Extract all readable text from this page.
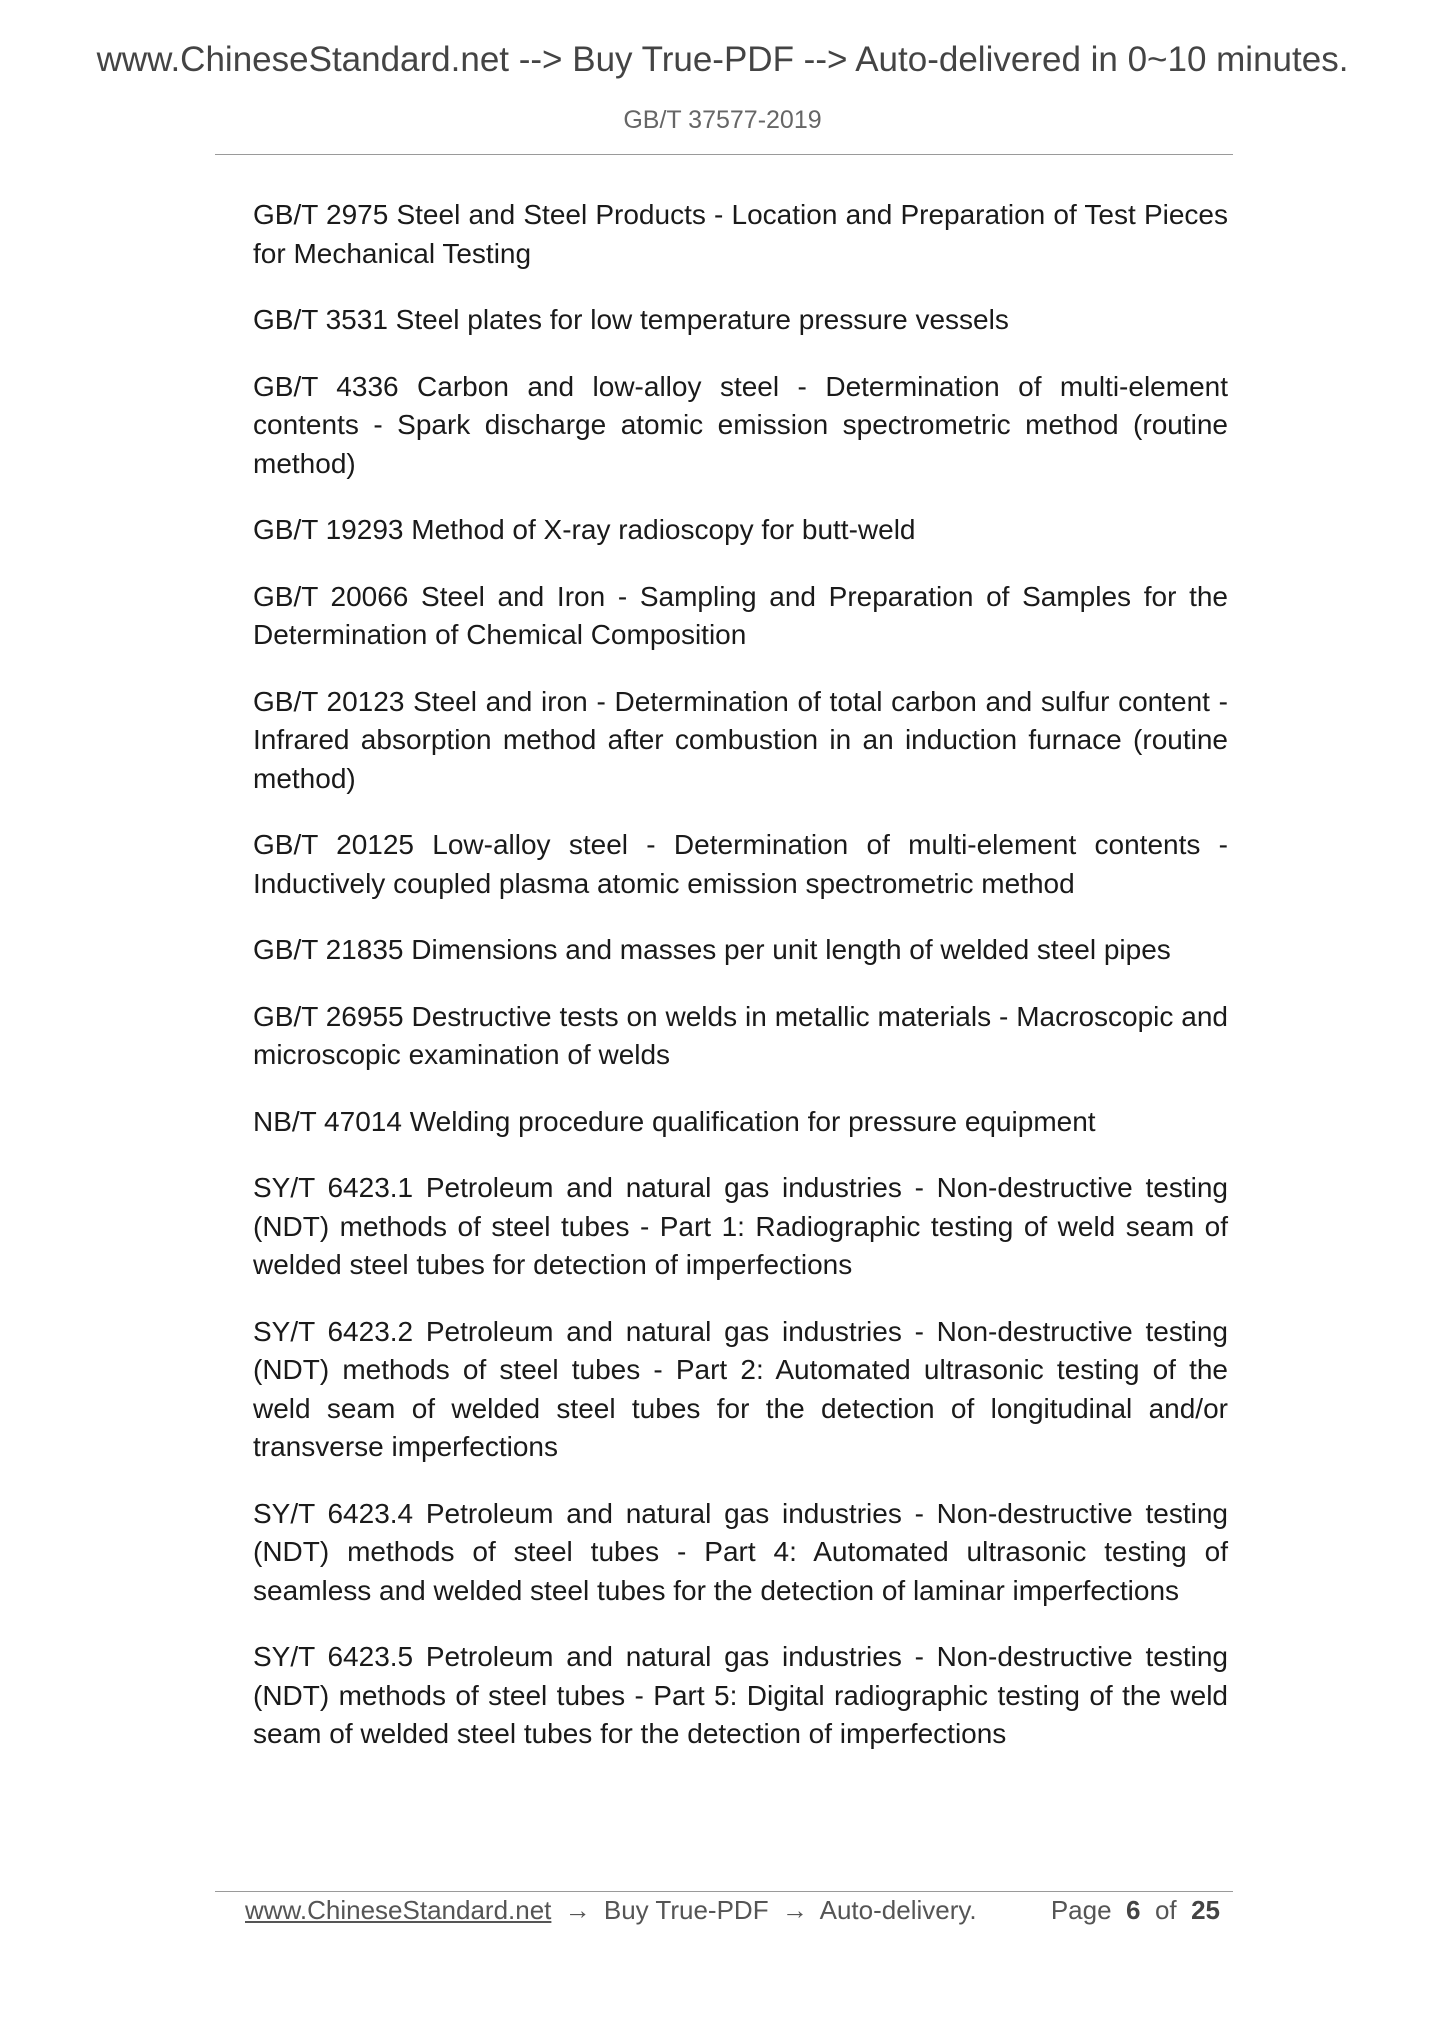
www.ChineseStandard.net --> Buy True-PDF --> Auto-delivered in 0~10 minutes.
GB/T 37577-2019

GB/T 2975 Steel and Steel Products - Location and Preparation of Test Pieces for Mechanical Testing

GB/T 3531 Steel plates for low temperature pressure vessels

GB/T 4336 Carbon and low-alloy steel - Determination of multi-element contents - Spark discharge atomic emission spectrometric method (routine method)

GB/T 19293 Method of X-ray radioscopy for butt-weld

GB/T 20066 Steel and Iron - Sampling and Preparation of Samples for the Determination of Chemical Composition

GB/T 20123 Steel and iron - Determination of total carbon and sulfur content - Infrared absorption method after combustion in an induction furnace (routine method)

GB/T 20125 Low-alloy steel - Determination of multi-element contents - Inductively coupled plasma atomic emission spectrometric method

GB/T 21835 Dimensions and masses per unit length of welded steel pipes

GB/T 26955 Destructive tests on welds in metallic materials - Macroscopic and microscopic examination of welds

NB/T 47014 Welding procedure qualification for pressure equipment

SY/T 6423.1 Petroleum and natural gas industries - Non-destructive testing (NDT) methods of steel tubes - Part 1: Radiographic testing of weld seam of welded steel tubes for detection of imperfections

SY/T 6423.2 Petroleum and natural gas industries - Non-destructive testing (NDT) methods of steel tubes - Part 2: Automated ultrasonic testing of the weld seam of welded steel tubes for the detection of longitudinal and/or transverse imperfections

SY/T 6423.4 Petroleum and natural gas industries - Non-destructive testing (NDT) methods of steel tubes - Part 4: Automated ultrasonic testing of seamless and welded steel tubes for the detection of laminar imperfections

SY/T 6423.5 Petroleum and natural gas industries - Non-destructive testing (NDT) methods of steel tubes - Part 5: Digital radiographic testing of the weld seam of welded steel tubes for the detection of imperfections

www.ChineseStandard.net → Buy True-PDF → Auto-delivery.	Page 6 of 25
